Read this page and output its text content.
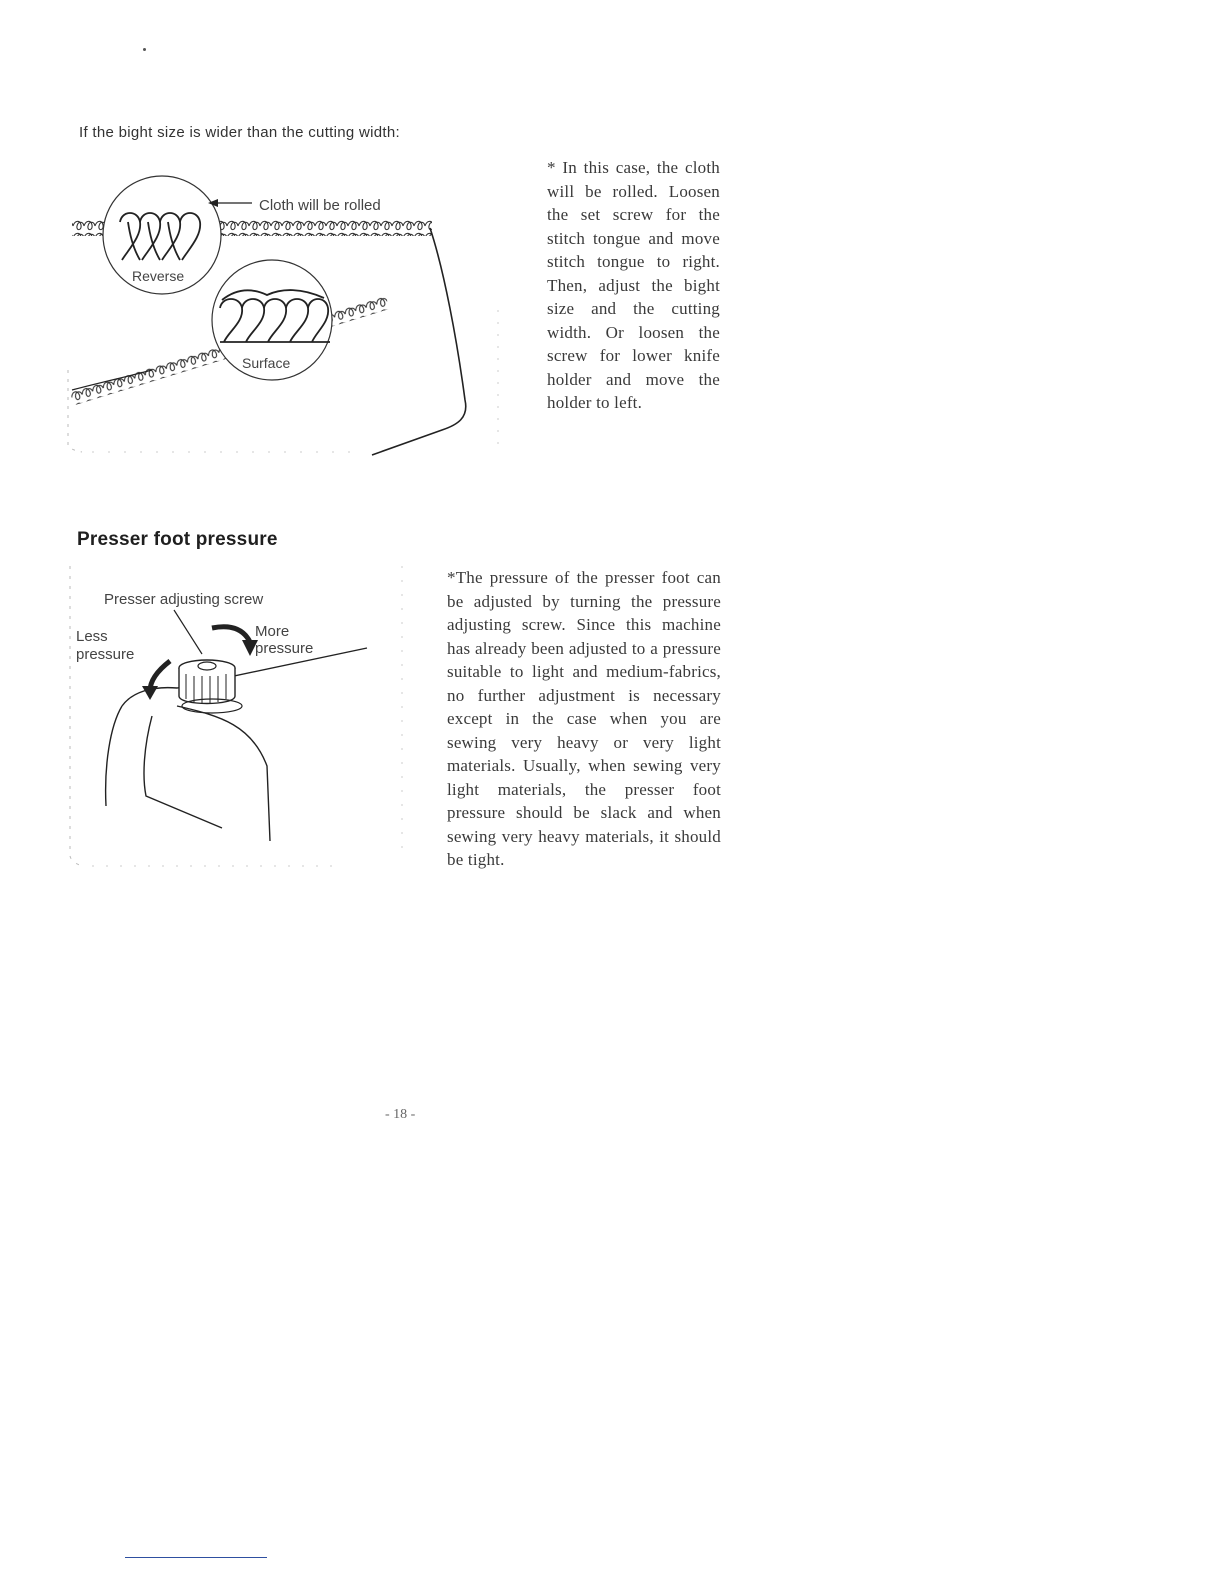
If the bight size is wider than the cutting width:
Reverse
Cloth will be rolled
Surface
* In this case, the cloth will be rolled. Loosen the set screw for the stitch tongue and move stitch tongue to right. Then, adjust the bight size and the cutting width. Or loosen the screw for lower knife holder and move the holder to left.
Presser foot pressure
Presser adjusting screw
Less
pressure
More
pressure
*The pressure of the presser foot can be adjusted by turning the pressure adjusting screw. Since this machine has already been adjusted to a pressure suitable to light and medium-fabrics, no further adjustment is necessary except in the case when you are sewing very heavy or very light materials. Usually, when sewing very light materials, the presser foot pressure should be slack and when sewing very heavy materials, it should be tight.
- 18 -
